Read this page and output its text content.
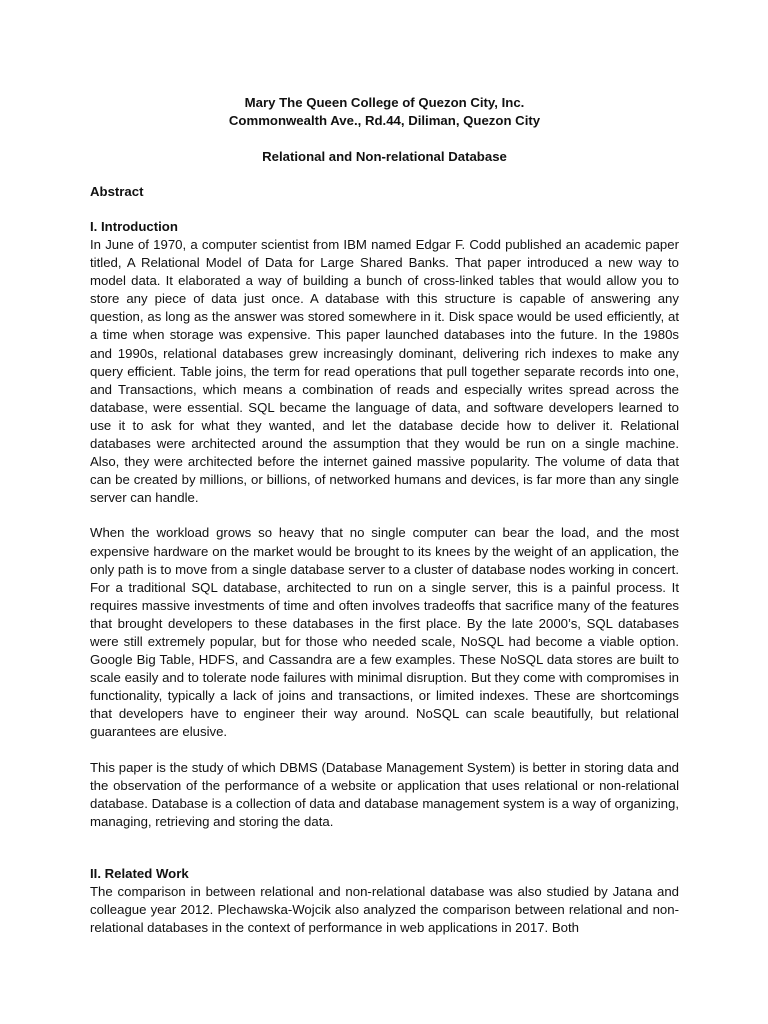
Mary The Queen College of Quezon City, Inc.
Commonwealth Ave., Rd.44, Diliman, Quezon City
Relational and Non-relational Database
Abstract
I. Introduction

In June of 1970, a computer scientist from IBM named Edgar F. Codd published an academic paper titled, A Relational Model of Data for Large Shared Banks. That paper introduced a new way to model data. It elaborated a way of building a bunch of cross-linked tables that would allow you to store any piece of data just once. A database with this structure is capable of answering any question, as long as the answer was stored somewhere in it. Disk space would be used efficiently, at a time when storage was expensive. This paper launched databases into the future. In the 1980s and 1990s, relational databases grew increasingly dominant, delivering rich indexes to make any query efficient. Table joins, the term for read operations that pull together separate records into one, and Transactions, which means a combination of reads and especially writes spread across the database, were essential. SQL became the language of data, and software developers learned to use it to ask for what they wanted, and let the database decide how to deliver it. Relational databases were architected around the assumption that they would be run on a single machine. Also, they were architected before the internet gained massive popularity. The volume of data that can be created by millions, or billions, of networked humans and devices, is far more than any single server can handle.

When the workload grows so heavy that no single computer can bear the load, and the most expensive hardware on the market would be brought to its knees by the weight of an application, the only path is to move from a single database server to a cluster of database nodes working in concert. For a traditional SQL database, architected to run on a single server, this is a painful process. It requires massive investments of time and often involves tradeoffs that sacrifice many of the features that brought developers to these databases in the first place. By the late 2000’s, SQL databases were still extremely popular, but for those who needed scale, NoSQL had become a viable option. Google Big Table, HDFS, and Cassandra are a few examples. These NoSQL data stores are built to scale easily and to tolerate node failures with minimal disruption. But they come with compromises in functionality, typically a lack of joins and transactions, or limited indexes. These are shortcomings that developers have to engineer their way around. NoSQL can scale beautifully, but relational guarantees are elusive.

This paper is the study of which DBMS (Database Management System) is better in storing data and the observation of the performance of a website or application that uses relational or non-relational database. Database is a collection of data and database management system is a way of organizing, managing, retrieving and storing the data.

II. Related Work

The comparison in between relational and non-relational database was also studied by Jatana and colleague year 2012. Plechawska-Wojcik also analyzed the comparison between relational and non-relational databases in the context of performance in web applications in 2017. Both
